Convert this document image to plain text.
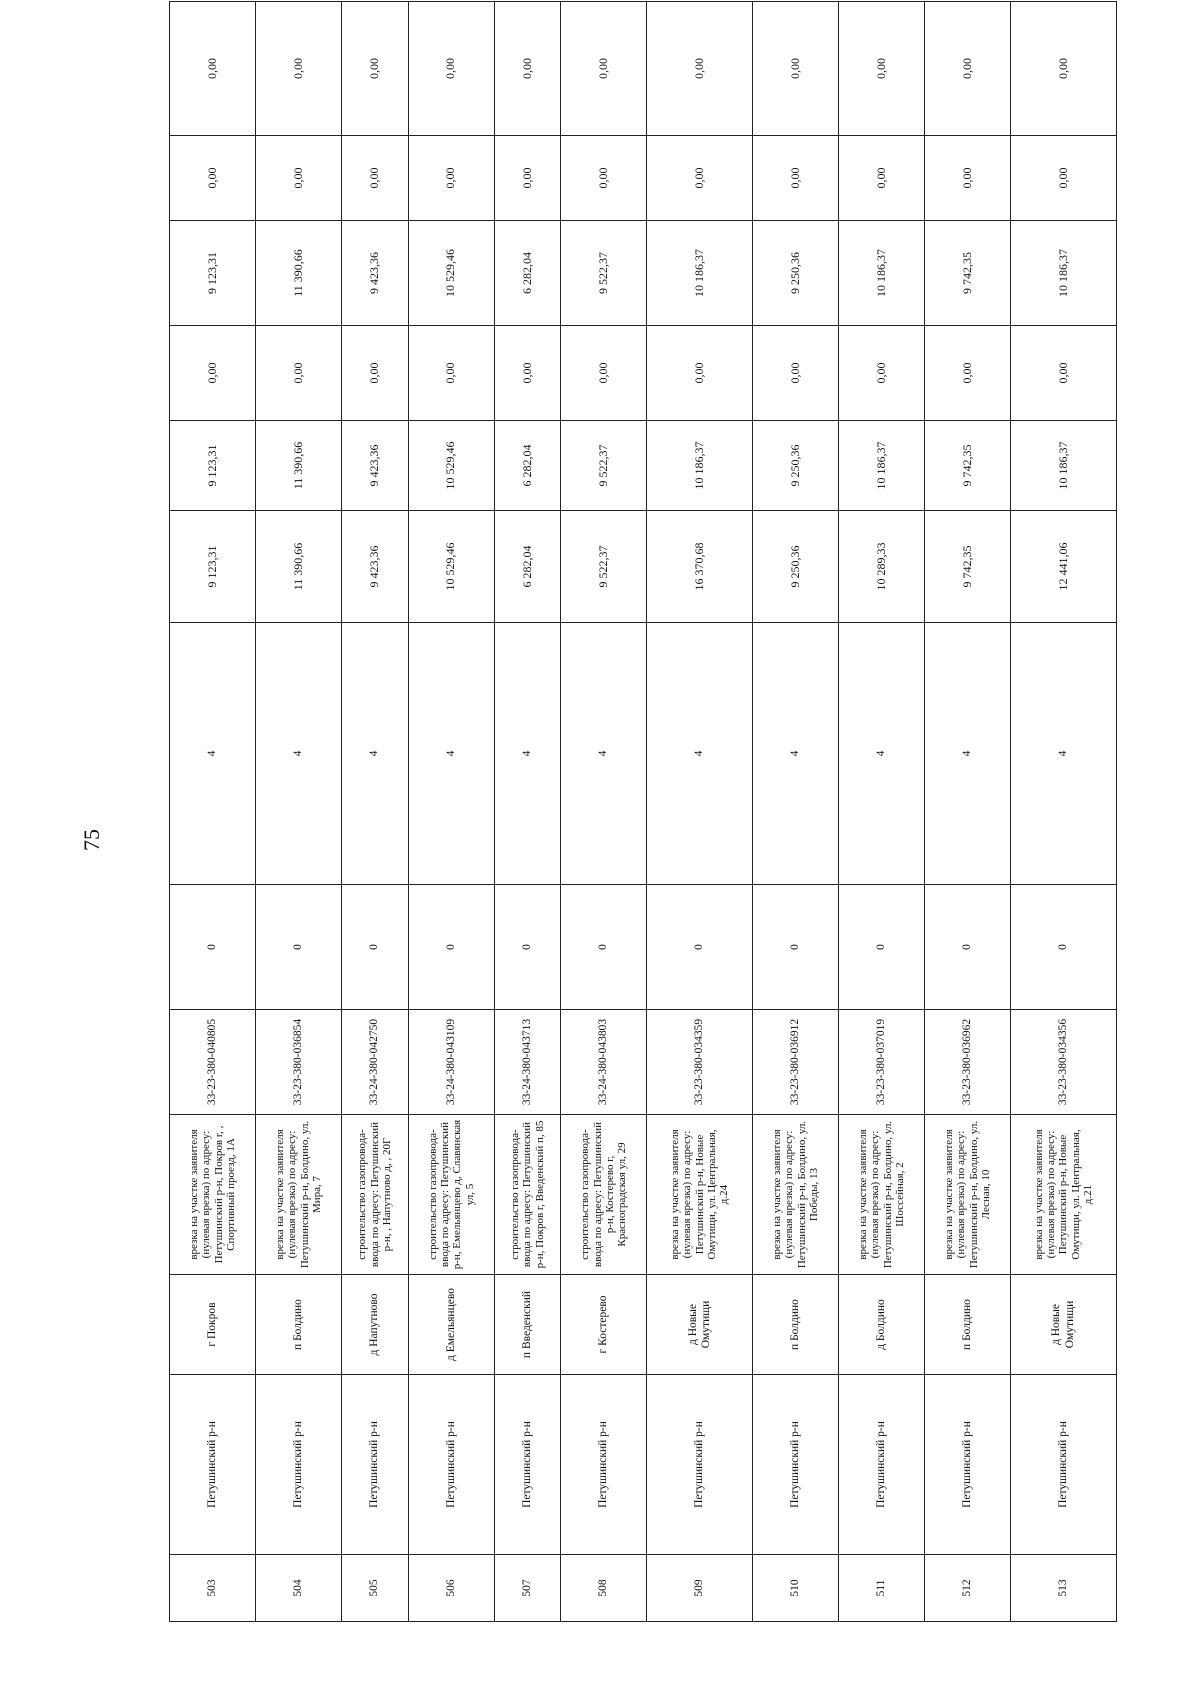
75
503	Петушинский р-н	г Покров	врезка на участке заявителя (нулевая врезка) по адресу: Петушинский р-н, Покров г, , Спортивный проезд, 1А	33-23-380-040805	0	4	9 123,31	9 123,31	0,00	9 123,31	0,00	0,00
504	Петушинский р-н	п Болдино	врезка на участке заявителя (нулевая врезка) по адресу: Петушинский р-н, Болдино, ул. Мира, 7	33-23-380-036854	0	4	11 390,66	11 390,66	0,00	11 390,66	0,00	0,00
505	Петушинский р-н	д Напутново	строительство газопровода-ввода по адресу: Петушинский р-н, , Напутново д, , 20Г	33-24-380-042750	0	4	9 423,36	9 423,36	0,00	9 423,36	0,00	0,00
506	Петушинский р-н	д Емельянцево	строительство газопровода-ввода по адресу: Петушинский р-н, Емельянцево д, Славянская ул, 5	33-24-380-043109	0	4	10 529,46	10 529,46	0,00	10 529,46	0,00	0,00
507	Петушинский р-н	п Введенский	строительство газопровода-ввода по адресу: Петушинский р-н, Покров г, Введенский п, 85	33-24-380-043713	0	4	6 282,04	6 282,04	0,00	6 282,04	0,00	0,00
508	Петушинский р-н	г Костерево	строительство газопровода-ввода по адресу: Петушинский р-н, Костерево г, Красноградская ул, 29	33-24-380-043803	0	4	9 522,37	9 522,37	0,00	9 522,37	0,00	0,00
509	Петушинский р-н	д Новые Омутищи	врезка на участке заявителя (нулевая врезка) по адресу: Петушинский р-н, Новые Омутищи, ул. Центральная, д.24	33-23-380-034359	0	4	16 370,68	10 186,37	0,00	10 186,37	0,00	0,00
510	Петушинский р-н	п Болдино	врезка на участке заявителя (нулевая врезка) по адресу: Петушинский р-н, Болдино, ул. Победы, 13	33-23-380-036912	0	4	9 250,36	9 250,36	0,00	9 250,36	0,00	0,00
511	Петушинский р-н	д Болдино	врезка на участке заявителя (нулевая врезка) по адресу: Петушинский р-н, Болдино, ул. Шоссейная, 2	33-23-380-037019	0	4	10 289,33	10 186,37	0,00	10 186,37	0,00	0,00
512	Петушинский р-н	п Болдино	врезка на участке заявителя (нулевая врезка) по адресу: Петушинский р-н, Болдино, ул. Лесная, 10	33-23-380-036962	0	4	9 742,35	9 742,35	0,00	9 742,35	0,00	0,00
513	Петушинский р-н	д Новые Омутищи	врезка на участке заявителя (нулевая врезка) по адресу: Петушинский р-н, Новые Омутищи, ул. Центральная, д.21	33-23-380-034356	0	4	12 441,06	10 186,37	0,00	10 186,37	0,00	0,00
